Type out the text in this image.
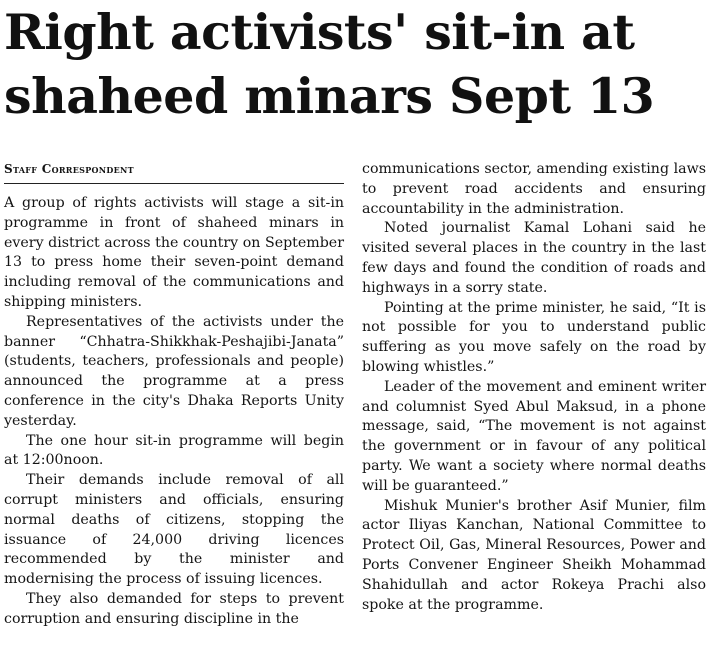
Right activists' sit-in at
shaheed minars Sept 13
Staff Correspondent

A group of rights activists will stage a sit-in programme in front of shaheed minars in every district across the country on September 13 to press home their seven-point demand including removal of the communications and shipping ministers.

Representatives of the activists under the banner “Chhatra-Shikkhak-Peshajibi-Janata” (students, teachers, professionals and people) announced the programme at a press conference in the city's Dhaka Reports Unity yesterday.

The one hour sit-in programme will begin at 12:00noon.

Their demands include removal of all corrupt ministers and officials, ensuring normal deaths of citizens, stopping the issuance of 24,000 driving licences recommended by the minister and modernising the process of issuing licences.

They also demanded for steps to prevent corruption and ensuring discipline in the

communications sector, amending existing laws to prevent road accidents and ensuring accountability in the administration.

Noted journalist Kamal Lohani said he visited several places in the country in the last few days and found the condition of roads and highways in a sorry state.

Pointing at the prime minister, he said, “It is not possible for you to understand public suffering as you move safely on the road by blowing whistles.”

Leader of the movement and eminent writer and columnist Syed Abul Maksud, in a phone message, said, “The movement is not against the government or in favour of any political party. We want a society where normal deaths will be guaranteed.”

Mishuk Munier's brother Asif Munier, film actor Iliyas Kanchan, National Committee to Protect Oil, Gas, Mineral Resources, Power and Ports Convener Engineer Sheikh Mohammad Shahidullah and actor Rokeya Prachi also spoke at the programme.
